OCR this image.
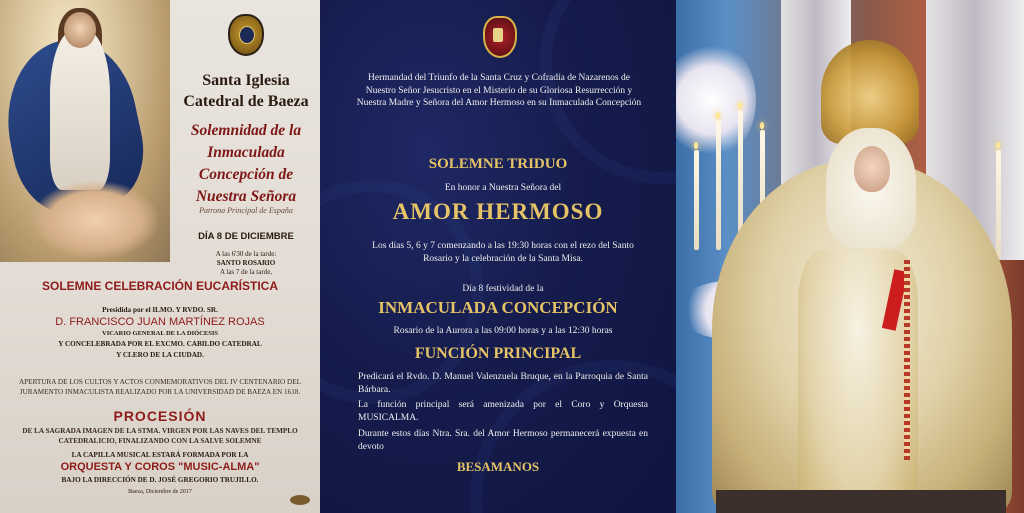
Santa Iglesia
Catedral de Baeza
Solemnidad de la
Inmaculada
Concepción de
Nuestra Señora
Patrona Principal de España
DÍA 8 DE DICIEMBRE
A las 6'30 de la tarde:
SANTO ROSARIO
A las 7 de la tarde,
SOLEMNE CELEBRACIÓN EUCARÍSTICA
Presidida por el ILMO. Y RVDO. SR.
D. FRANCISCO JUAN MARTÍNEZ ROJAS
VICARIO GENERAL DE LA DIÓCESIS
Y CONCELEBRADA POR EL EXCMO. CABILDO CATEDRAL
Y CLERO DE LA CIUDAD.
APERTURA DE LOS CULTOS Y ACTOS CONMEMORATIVOS DEL IV CENTENARIO DEL JURAMENTO INMACULISTA REALIZADO POR LA UNIVERSIDAD DE BAEZA EN 1618.
PROCESIÓN
DE LA SAGRADA IMAGEN DE LA STMA. VIRGEN POR LAS NAVES DEL TEMPLO CATEDRALICIO, FINALIZANDO CON LA SALVE SOLEMNE
LA CAPILLA MUSICAL ESTARÁ FORMADA POR LA
ORQUESTA Y COROS "MUSIC-ALMA"
BAJO LA DIRECCIÓN DE D. JOSÉ GREGORIO TRUJILLO.
Baeza, Diciembre de 2017
Hermandad del Triunfo de la Santa Cruz y Cofradía de Nazarenos de Nuestro Señor Jesucristo en el Misterio de su Gloriosa Resurrección y Nuestra Madre y Señora del Amor Hermoso en su Inmaculada Concepción
SOLEMNE TRIDUO
En honor a Nuestra Señora del
AMOR HERMOSO
Los días 5, 6 y 7 comenzando a las 19:30 horas con el rezo del Santo Rosario y la celebración de la Santa Misa.
Día 8 festividad de la
INMACULADA CONCEPCIÓN
Rosario de la Aurora a las 09:00 horas y a las 12:30 horas
FUNCIÓN PRINCIPAL
Predicará el Rvdo. D. Manuel Valenzuela Bruque, en la Parroquia de Santa Bárbara.
La función principal será amenizada por el Coro y Orquesta MUSICALMA.
Durante estos días Ntra. Sra. del Amor Hermoso permanecerá expuesta en devoto
BESAMANOS
